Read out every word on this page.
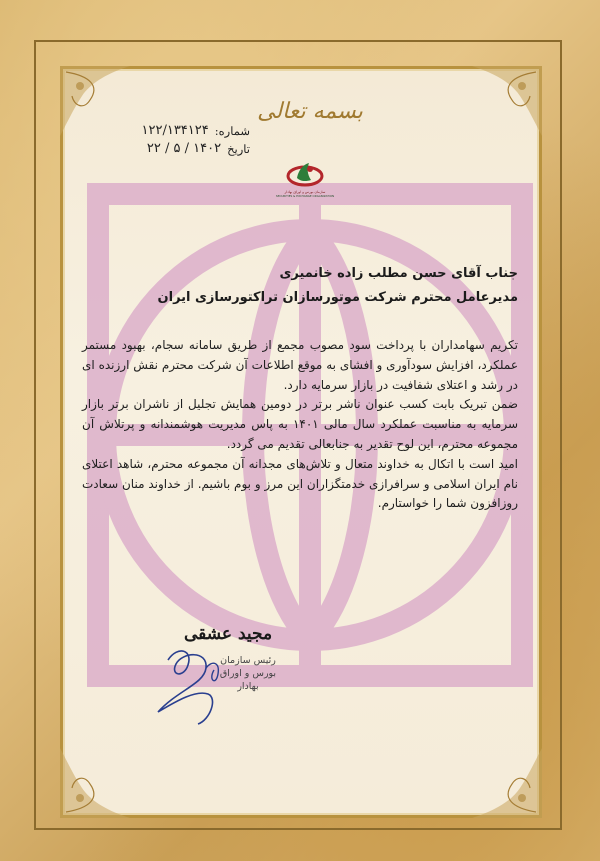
بسمه تعالی
شماره:
۱۲۲/۱۳۴۱۲۴
تاریخ
۱۴۰۲ / ۵ / ۲۲
سازمان بورس و اوراق بهادار
SECURITIES & EXCHANGE ORGANIZATION
جناب آقای حسن مطلب زاده خانمیری
مدیرعامل محترم شرکت موتورسازان تراکتورسازی ایران

تکریم سهامداران با پرداخت سود مصوب مجمع از طریق سامانه سجام، بهبود مستمر عملکرد، افزایش سودآوری و افشای به موقع اطلاعات آن شرکت محترم نقش ارزنده ای در رشد و اعتلای شفافیت در بازار سرمایه دارد.

ضمن تبریک بابت کسب عنوان ناشر برتر در دومین همایش تجلیل از ناشران برتر بازار سرمایه به مناسبت عملکرد سال مالی ۱۴۰۱ به پاس مدیریت هوشمندانه و پرتلاش آن مجموعه محترم، این لوح تقدیر به جنابعالی تقدیم می گردد.

امید است با اتکال به خداوند متعال و تلاش‌های مجدانه آن مجموعه محترم، شاهد اعتلای نام ایران اسلامی و سرافرازی خدمتگزاران این مرز و بوم باشیم. از خداوند منان سعادت روزافزون شما را خواستارم.

مجید عشقی
رئیس سازمان
بورس و اوراق بهادار
